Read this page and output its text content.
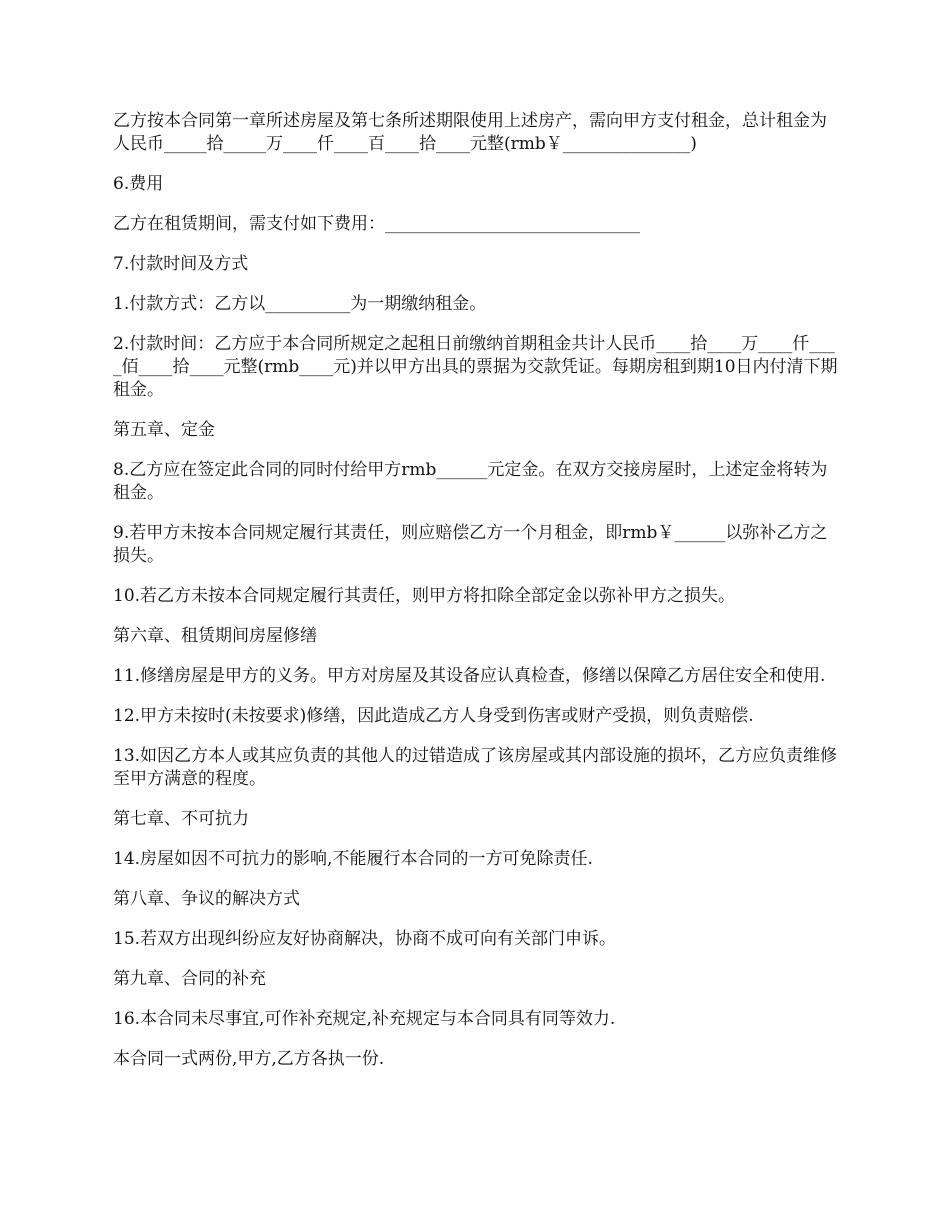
乙方按本合同第一章所述房屋及第七条所述期限使用上述房产，需向甲方支付租金，总计租金为人民币_____拾_____万____仟____百____拾____元整(rmb￥_______________)

6.费用

乙方在租赁期间，需支付如下费用：______________________________

7.付款时间及方式

1.付款方式：乙方以__________为一期缴纳租金。

2.付款时间：乙方应于本合同所规定之起租日前缴纳首期租金共计人民币____拾____万____仟____佰____拾____元整(rmb____元)并以甲方出具的票据为交款凭证。每期房租到期10日内付清下期租金。

第五章、定金

8.乙方应在签定此合同的同时付给甲方rmb______元定金。在双方交接房屋时，上述定金将转为租金。

9.若甲方未按本合同规定履行其责任，则应赔偿乙方一个月租金，即rmb￥______以弥补乙方之损失。

10.若乙方未按本合同规定履行其责任，则甲方将扣除全部定金以弥补甲方之损失。

第六章、租赁期间房屋修缮

11.修缮房屋是甲方的义务。甲方对房屋及其设备应认真检查，修缮以保障乙方居住安全和使用.

12.甲方未按时(未按要求)修缮，因此造成乙方人身受到伤害或财产受损，则负责赔偿.

13.如因乙方本人或其应负责的其他人的过错造成了该房屋或其内部设施的损坏，乙方应负责维修至甲方满意的程度。

第七章、不可抗力

14.房屋如因不可抗力的影响,不能履行本合同的一方可免除责任.

第八章、争议的解决方式

15.若双方出现纠纷应友好协商解决，协商不成可向有关部门申诉。

第九章、合同的补充

16.本合同未尽事宜,可作补充规定,补充规定与本合同具有同等效力.

本合同一式两份,甲方,乙方各执一份.
